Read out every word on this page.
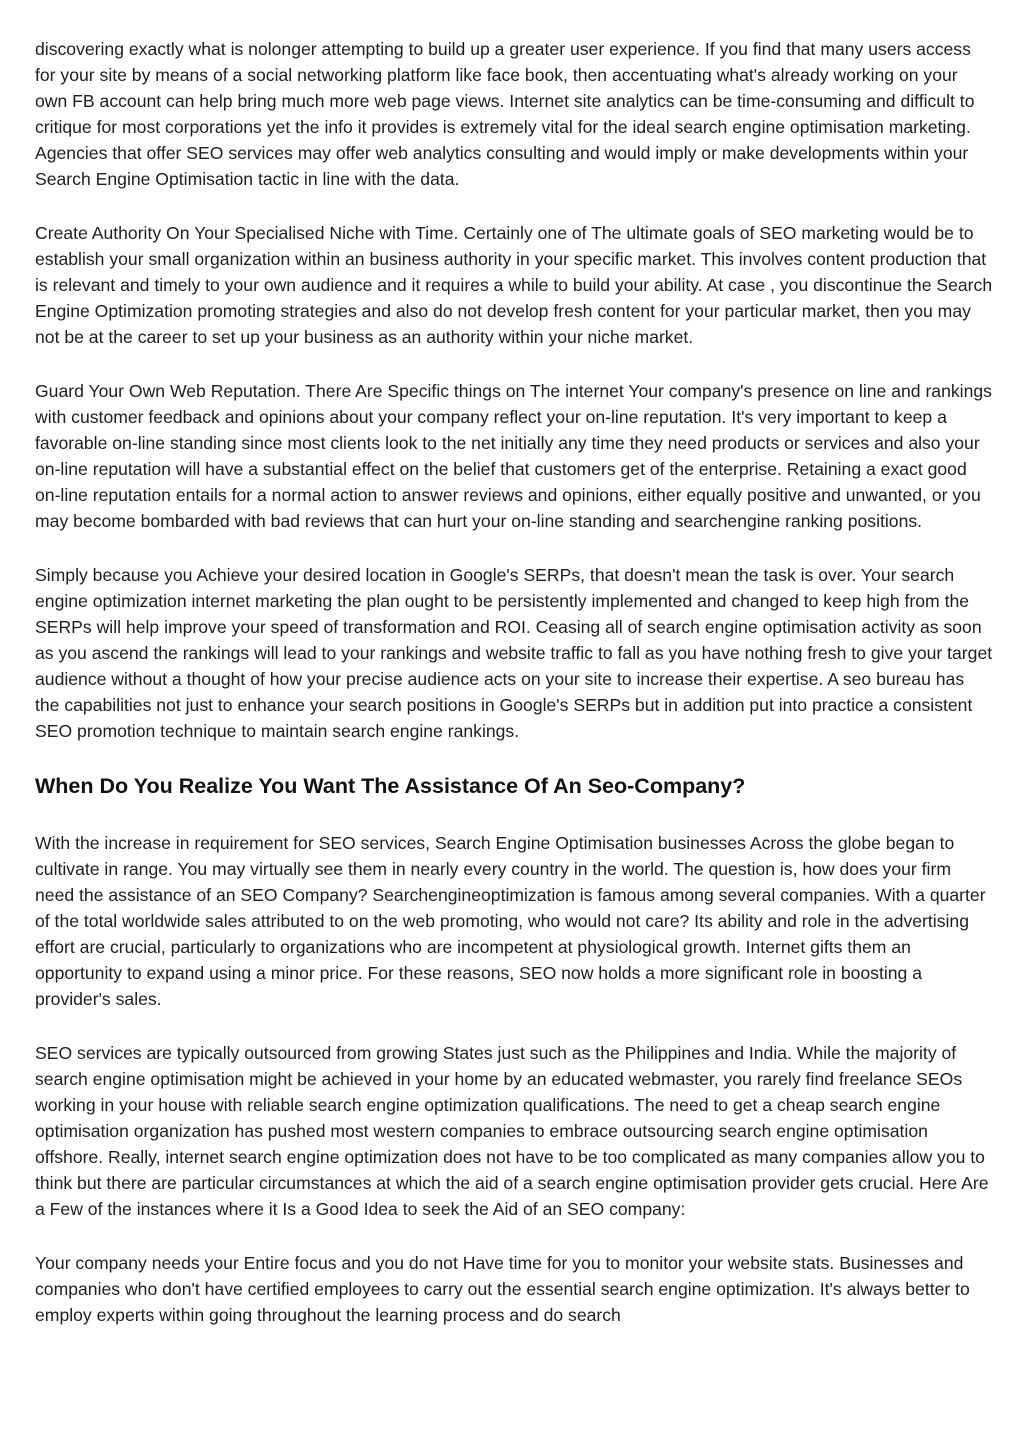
discovering exactly what is nolonger attempting to build up a greater user experience. If you find that many users access for your site by means of a social networking platform like face book, then accentuating what's already working on your own FB account can help bring much more web page views. Internet site analytics can be time-consuming and difficult to critique for most corporations yet the info it provides is extremely vital for the ideal search engine optimisation marketing. Agencies that offer SEO services may offer web analytics consulting and would imply or make developments within your Search Engine Optimisation tactic in line with the data.

Create Authority On Your Specialised Niche with Time. Certainly one of The ultimate goals of SEO marketing would be to establish your small organization within an business authority in your specific market. This involves content production that is relevant and timely to your own audience and it requires a while to build your ability. At case , you discontinue the Search Engine Optimization promoting strategies and also do not develop fresh content for your particular market, then you may not be at the career to set up your business as an authority within your niche market.

Guard Your Own Web Reputation. There Are Specific things on The internet Your company's presence on line and rankings with customer feedback and opinions about your company reflect your on-line reputation. It's very important to keep a favorable on-line standing since most clients look to the net initially any time they need products or services and also your on-line reputation will have a substantial effect on the belief that customers get of the enterprise. Retaining a exact good on-line reputation entails for a normal action to answer reviews and opinions, either equally positive and unwanted, or you may become bombarded with bad reviews that can hurt your on-line standing and searchengine ranking positions.

Simply because you Achieve your desired location in Google's SERPs, that doesn't mean the task is over. Your search engine optimization internet marketing the plan ought to be persistently implemented and changed to keep high from the SERPs will help improve your speed of transformation and ROI. Ceasing all of search engine optimisation activity as soon as you ascend the rankings will lead to your rankings and website traffic to fall as you have nothing fresh to give your target audience without a thought of how your precise audience acts on your site to increase their expertise. A seo bureau has the capabilities not just to enhance your search positions in Google's SERPs but in addition put into practice a consistent SEO promotion technique to maintain search engine rankings.

When Do You Realize You Want The Assistance Of An Seo-Company?

With the increase in requirement for SEO services, Search Engine Optimisation businesses Across the globe began to cultivate in range. You may virtually see them in nearly every country in the world. The question is, how does your firm need the assistance of an SEO Company? Searchengineoptimization is famous among several companies. With a quarter of the total worldwide sales attributed to on the web promoting, who would not care? Its ability and role in the advertising effort are crucial, particularly to organizations who are incompetent at physiological growth. Internet gifts them an opportunity to expand using a minor price. For these reasons, SEO now holds a more significant role in boosting a provider's sales.

SEO services are typically outsourced from growing States just such as the Philippines and India. While the majority of search engine optimisation might be achieved in your home by an educated webmaster, you rarely find freelance SEOs working in your house with reliable search engine optimization qualifications. The need to get a cheap search engine optimisation organization has pushed most western companies to embrace outsourcing search engine optimisation offshore. Really, internet search engine optimization does not have to be too complicated as many companies allow you to think but there are particular circumstances at which the aid of a search engine optimisation provider gets crucial. Here Are a Few of the instances where it Is a Good Idea to seek the Aid of an SEO company:

Your company needs your Entire focus and you do not Have time for you to monitor your website stats. Businesses and companies who don't have certified employees to carry out the essential search engine optimization. It's always better to employ experts within going throughout the learning process and do search
